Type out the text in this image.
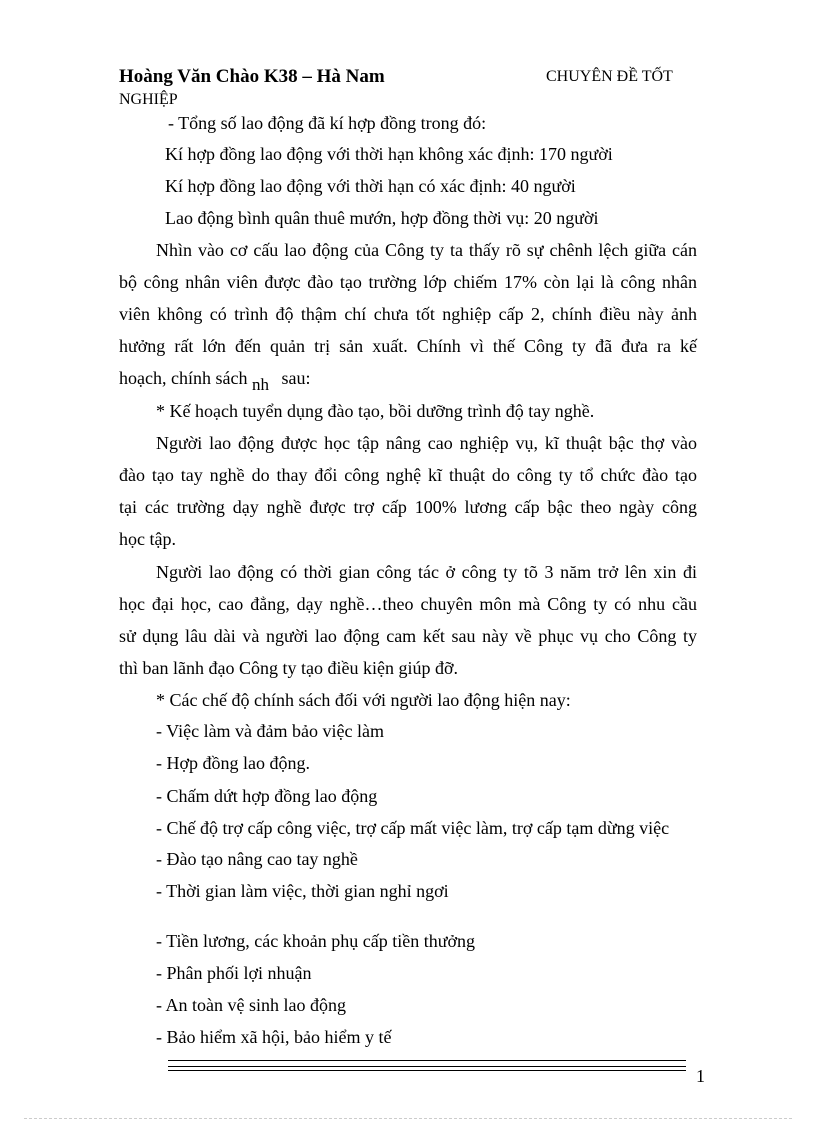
Hoàng Văn Chào K38 – Hà Nam	CHUYÊN ĐỀ TỐT
NGHIỆP
- Tổng số lao động đã kí hợp đồng trong đó:
Kí hợp đồng lao động với thời hạn không xác định: 170 người
Kí hợp đồng lao động với thời hạn có xác định: 40 người
Lao động bình quân thuê mướn, hợp đồng thời vụ: 20 người
Nhìn vào cơ cấu lao động của Công ty ta thấy rõ sự chênh lệch giữa cán
bộ công nhân viên được đào tạo trường lớp chiếm 17% còn lại là công nhân
viên không có trình độ thậm chí chưa tốt nghiệp cấp 2, chính điều này ảnh
hưởng rất lớn đến quản trị sản xuất. Chính vì thế Công ty đã đưa ra kế
hoạch, chính sách nh sau:
* Kế hoạch tuyển dụng đào tạo, bồi dưỡng trình độ tay nghề.
Người lao động được học tập nâng cao nghiệp vụ, kĩ thuật bậc thợ vào
đào tạo tay nghề do thay đổi công nghệ kĩ thuật do công ty tổ chức đào tạo
tại các trường dạy nghề được trợ cấp 100% lương cấp bậc theo ngày công
học tập.
Người lao động có thời gian công tác ở công ty tõ 3 năm trở lên xin đi
học đại học, cao đẳng, dạy nghề…theo chuyên môn mà Công ty có nhu cầu
sử dụng lâu dài và người lao động cam kết sau này về phục vụ cho Công ty
thì ban lãnh đạo Công ty tạo điều kiện giúp đỡ.
* Các chế độ chính sách đối với người lao động hiện nay:
- Việc làm và đảm bảo việc làm
- Hợp đồng lao động.
- Chấm dứt hợp đồng lao động
- Chế độ trợ cấp công việc, trợ cấp mất việc làm, trợ cấp tạm dừng việc
- Đào tạo nâng cao tay nghề
- Thời gian làm việc, thời gian nghỉ ngơi
- Tiền lương, các khoản phụ cấp tiền thưởng
- Phân phối lợi nhuận
- An toàn vệ sinh lao động
- Bảo hiểm xã hội, bảo hiểm y tế
1
